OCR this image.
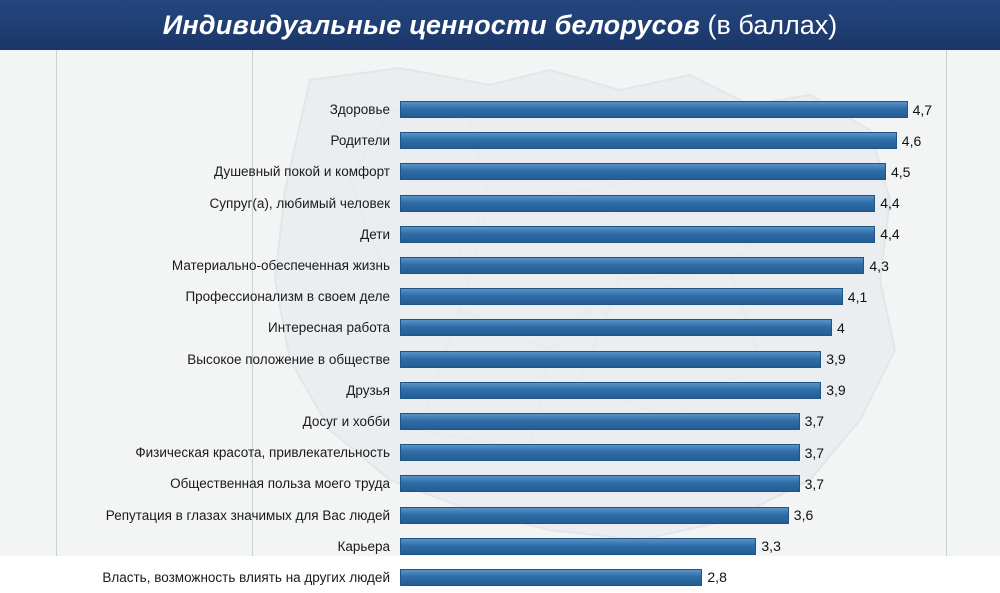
Индивидуальные ценности белорусов (в баллах)
Здоровье	4,7
Родители	4,6
Душевный покой и комфорт	4,5
Супруг(а), любимый человек	4,4
Дети	4,4
Материально-обеспеченная жизнь	4,3
Профессионализм в своем деле	4,1
Интересная работа	4
Высокое положение в обществе	3,9
Друзья	3,9
Досуг и хобби	3,7
Физическая красота, привлекательность	3,7
Общественная польза моего труда	3,7
Репутация в глазах значимых для Вас людей	3,6
Карьера	3,3
Власть, возможность влиять на других людей	2,8
